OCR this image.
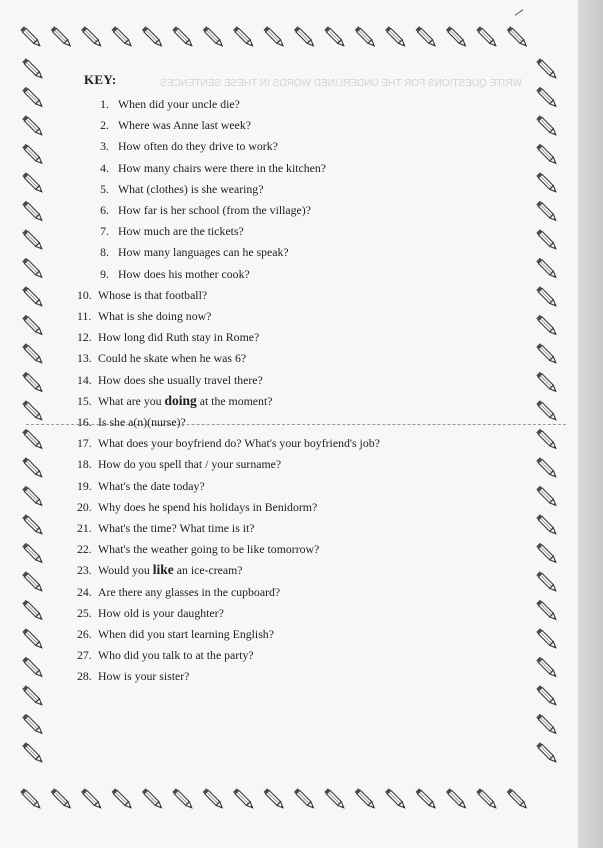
WRITE QUESTIONS FOR THE UNDERLINED WORDS IN THESE SENTENCES
KEY:
1. When did your uncle die?
2. Where was Anne last week?
3. How often do they drive to work?
4. How many chairs were there in the kitchen?
5. What (clothes) is she wearing?
6. How far is her school (from the village)?
7. How much are the tickets?
8. How many languages can he speak?
9. How does his mother cook?
10. Whose is that football?
11. What is she doing now?
12. How long did Ruth stay in Rome?
13. Could he skate when he was 6?
14. How does she usually travel there?
15. What are you doing at the moment?
16. Is she a(n)(nurse)?
17. What does your boyfriend do? What's your boyfriend's job?
18. How do you spell that / your surname?
19. What's the date today?
20. Why does he spend his holidays in Benidorm?
21. What's the time? What time is it?
22. What's the weather going to be like tomorrow?
23. Would you like an ice-cream?
24. Are there any glasses in the cupboard?
25. How old is your daughter?
26. When did you start learning English?
27. Who did you talk to at the party?
28. How is your sister?
